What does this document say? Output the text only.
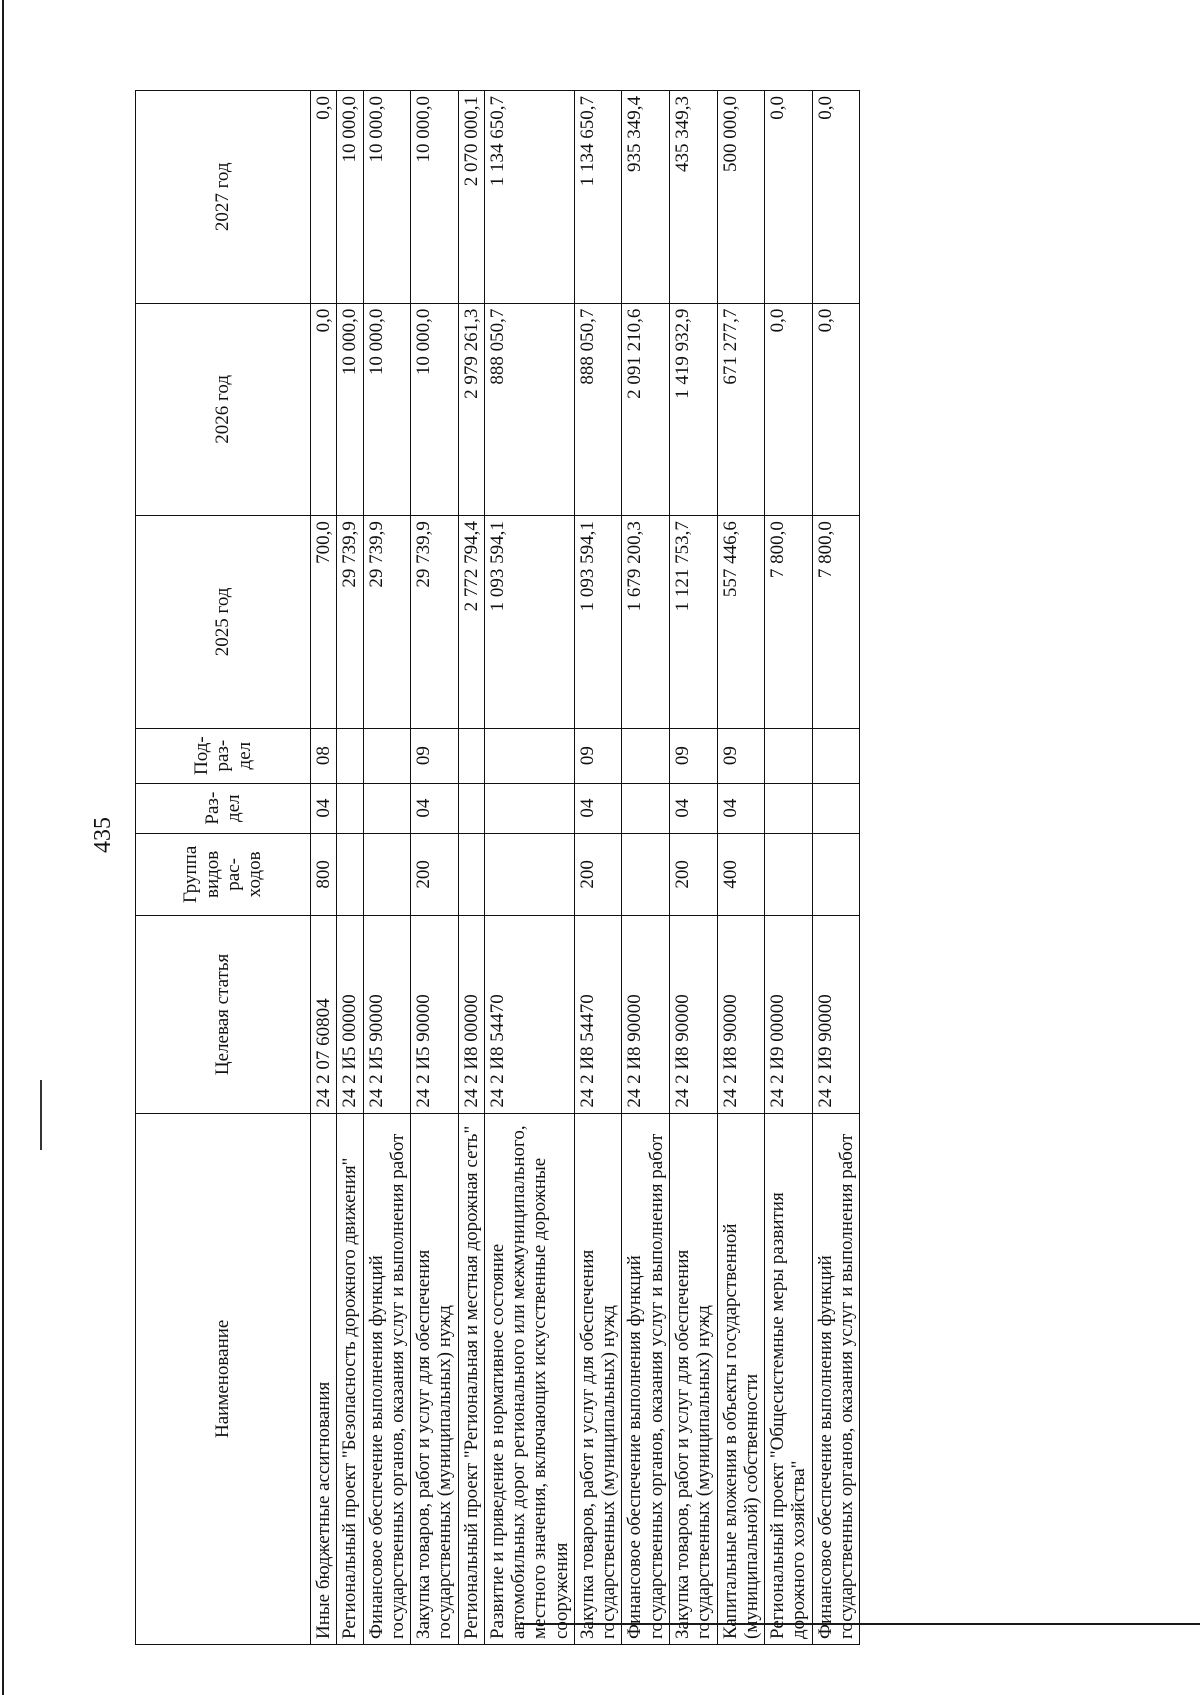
435
Наименование	Целевая статья	Группа видов рас-ходов	Раз-дел	Под-раз-дел	2025 год	2026 год	2027 год
Иные бюджетные ассигнования	24 2 07 60804	800	04	08	700,0	0,0	0,0
Региональный проект "Безопасность дорожного движения"	24 2 И5 00000				29 739,9	10 000,0	10 000,0
Финансовое обеспечение выполнения функций государственных органов, оказания услуг и выполнения работ	24 2 И5 90000				29 739,9	10 000,0	10 000,0
Закупка товаров, работ и услуг для обеспечения государственных (муниципальных) нужд	24 2 И5 90000	200	04	09	29 739,9	10 000,0	10 000,0
Региональный проект "Региональная и местная дорожная сеть"	24 2 И8 00000				2 772 794,4	2 979 261,3	2 070 000,1
Развитие и приведение в нормативное состояние автомобильных дорог регионального или межмуниципального, местного значения, включающих искусственные дорожные сооружения	24 2 И8 54470				1 093 594,1	888 050,7	1 134 650,7
Закупка товаров, работ и услуг для обеспечения государственных (муниципальных) нужд	24 2 И8 54470	200	04	09	1 093 594,1	888 050,7	1 134 650,7
Финансовое обеспечение выполнения функций государственных органов, оказания услуг и выполнения работ	24 2 И8 90000				1 679 200,3	2 091 210,6	935 349,4
Закупка товаров, работ и услуг для обеспечения государственных (муниципальных) нужд	24 2 И8 90000	200	04	09	1 121 753,7	1 419 932,9	435 349,3
Капитальные вложения в объекты государственной (муниципальной) собственности	24 2 И8 90000	400	04	09	557 446,6	671 277,7	500 000,0
Региональный проект "Общесистемные меры развития дорожного хозяйства"	24 2 И9 00000				7 800,0	0,0	0,0
Финансовое обеспечение выполнения функций государственных органов, оказания услуг и выполнения работ	24 2 И9 90000				7 800,0	0,0	0,0
